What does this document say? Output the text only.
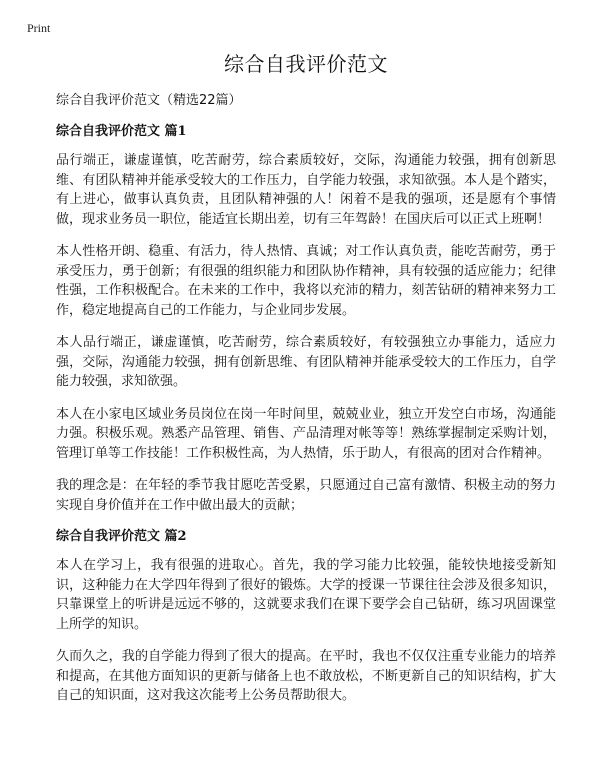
Print
综合自我评价范文

综合自我评价范文（精选22篇）

综合自我评价范文 篇1

品行端正，谦虚谨慎，吃苦耐劳，综合素质较好，交际，沟通能力较强，拥有创新思维、有团队精神并能承受较大的工作压力，自学能力较强，求知欲强。本人是个踏实，有上进心，做事认真负责，且团队精神强的人！闲着不是我的强项，还是愿有个事情做，现求业务员一职位，能适宜长期出差，切有三年驾龄！在国庆后可以正式上班啊！

本人性格开朗、稳重、有活力，待人热情、真诚；对工作认真负责，能吃苦耐劳，勇于承受压力，勇于创新；有很强的组织能力和团队协作精神，具有较强的适应能力；纪律性强，工作积极配合。在未来的工作中，我将以充沛的精力，刻苦钻研的精神来努力工作，稳定地提高自己的工作能力，与企业同步发展。

本人品行端正，谦虚谨慎，吃苦耐劳，综合素质较好，有较强独立办事能力，适应力强，交际，沟通能力较强，拥有创新思维、有团队精神并能承受较大的工作压力，自学能力较强，求知欲强。

本人在小家电区域业务员岗位在岗一年时间里，兢兢业业，独立开发空白市场，沟通能力强。积极乐观。熟悉产品管理、销售、产品清理对帐等等！熟练掌握制定采购计划，管理订单等工作技能！工作积极性高，为人热情，乐于助人，有很高的团对合作精神。

我的理念是：在年轻的季节我甘愿吃苦受累，只愿通过自己富有激情、积极主动的努力实现自身价值并在工作中做出最大的贡献；

综合自我评价范文 篇2

本人在学习上，我有很强的进取心。首先，我的学习能力比较强，能较快地接受新知识，这种能力在大学四年得到了很好的锻炼。大学的授课一节课往往会涉及很多知识，只靠课堂上的听讲是远远不够的，这就要求我们在课下要学会自己钻研，练习巩固课堂上所学的知识。

久而久之，我的自学能力得到了很大的提高。在平时，我也不仅仅注重专业能力的培养和提高，在其他方面知识的更新与储备上也不敢放松，不断更新自己的知识结构，扩大自己的知识面，这对我这次能考上公务员帮助很大。
